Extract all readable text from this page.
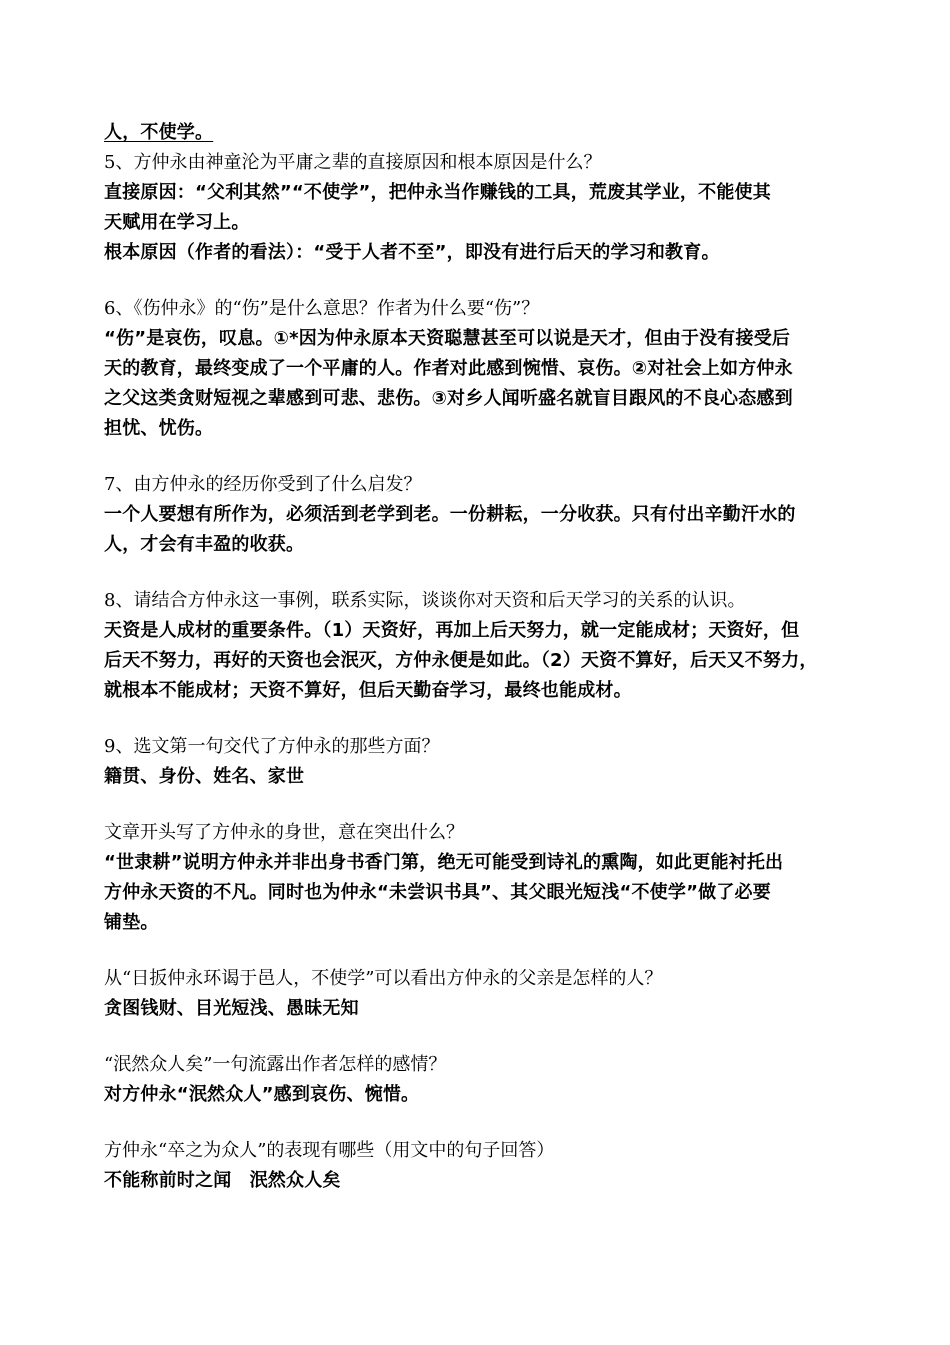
人，不使学。

5、方仲永由神童沦为平庸之辈的直接原因和根本原因是什么？

直接原因：“父利其然”“不使学”，把仲永当作赚钱的工具，荒废其学业，不能使其
天赋用在学习上。
根本原因（作者的看法）：“受于人者不至”，即没有进行后天的学习和教育。

6、《伤仲永》的“伤”是什么意思？作者为什么要“伤”？

“伤”是哀伤，叹息。①*因为仲永原本天资聪慧甚至可以说是天才，但由于没有接受后
天的教育，最终变成了一个平庸的人。作者对此感到惋惜、哀伤。②对社会上如方仲永
之父这类贪财短视之辈感到可悲、悲伤。③对乡人闻听盛名就盲目跟风的不良心态感到
担忧、忧伤。

7、由方仲永的经历你受到了什么启发？

一个人要想有所作为，必须活到老学到老。一份耕耘，一分收获。只有付出辛勤汗水的
人，才会有丰盈的收获。

8、请结合方仲永这一事例，联系实际，谈谈你对天资和后天学习的关系的认识。

天资是人成材的重要条件。（1）天资好，再加上后天努力，就一定能成材；天资好，但
后天不努力，再好的天资也会泯灭，方仲永便是如此。（2）天资不算好，后天又不努力，
就根本不能成材；天资不算好，但后天勤奋学习，最终也能成材。

9、选文第一句交代了方仲永的那些方面？

籍贯、身份、姓名、家世

文章开头写了方仲永的身世，意在突出什么？

“世隶耕”说明方仲永并非出身书香门第，绝无可能受到诗礼的熏陶，如此更能衬托出
方仲永天资的不凡。同时也为仲永“未尝识书具”、其父眼光短浅“不使学”做了必要
铺垫。

从“日扳仲永环谒于邑人，不使学”可以看出方仲永的父亲是怎样的人？

贪图钱财、目光短浅、愚昧无知

“泯然众人矣”一句流露出作者怎样的感情？

对方仲永“泯然众人”感到哀伤、惋惜。

方仲永“卒之为众人”的表现有哪些（用文中的句子回答）

不能称前时之闻　泯然众人矣
